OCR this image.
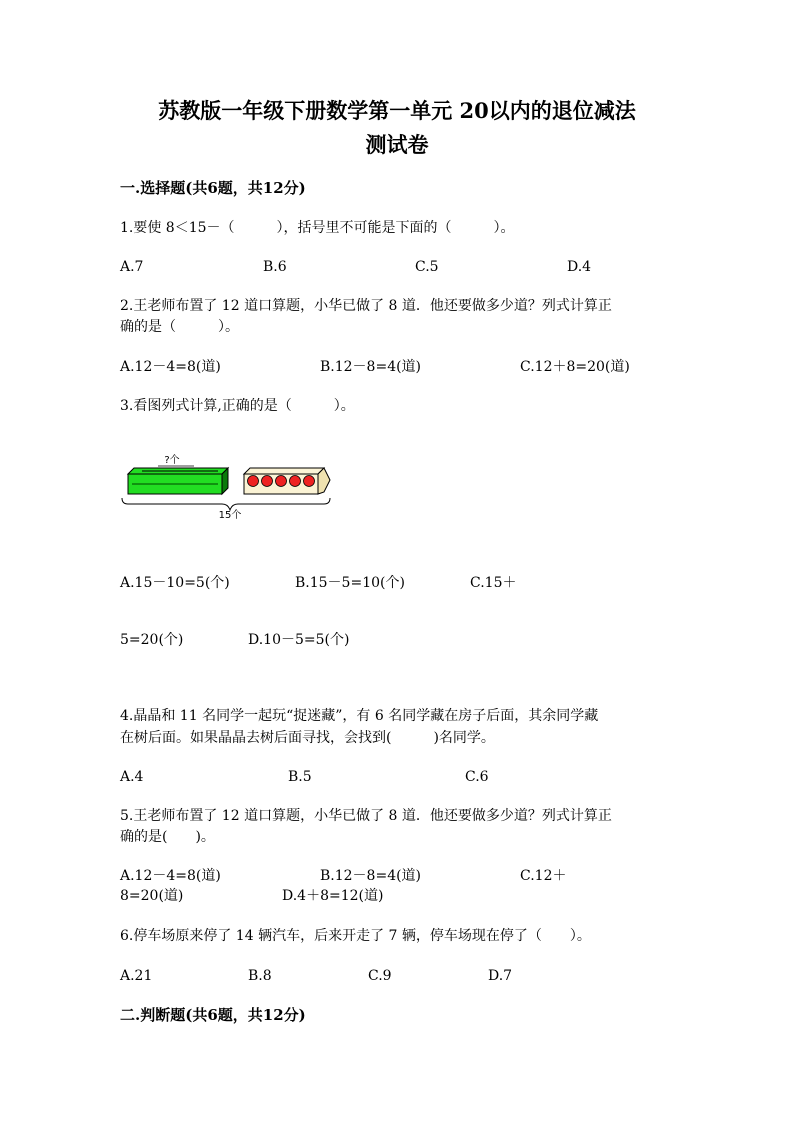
苏教版一年级下册数学第一单元 20以内的退位减法
测试卷
一.选择题(共6题，共12分)
1.要使 8＜15－（　　　），括号里不可能是下面的（　　　）。
A.7	B.6	C.5	D.4
2.王老师布置了 12 道口算题，小华已做了 8 道．他还要做多少道？列式计算正
确的是（　　　）。
A.12－4=8(道)	B.12－8=4(道)	C.12＋8=20(道)
3.看图列式计算,正确的是（　　　）。
?个
15个
A.15－10=5(个)	B.15－5=10(个)	C.15＋
5=20(个)	D.10－5=5(个)
4.晶晶和 11 名同学一起玩“捉迷藏”，有 6 名同学藏在房子后面，其余同学藏
在树后面。如果晶晶去树后面寻找，会找到(　　　)名同学。
A.4	B.5	C.6
5.王老师布置了 12 道口算题，小华已做了 8 道．他还要做多少道？列式计算正
确的是(　　)。
A.12－4=8(道)	B.12－8=4(道)	C.12＋
8=20(道)	D.4＋8=12(道)
6.停车场原来停了 14 辆汽车，后来开走了 7 辆，停车场现在停了（　　）。
A.21	B.8	C.9	D.7
二.判断题(共6题，共12分)
